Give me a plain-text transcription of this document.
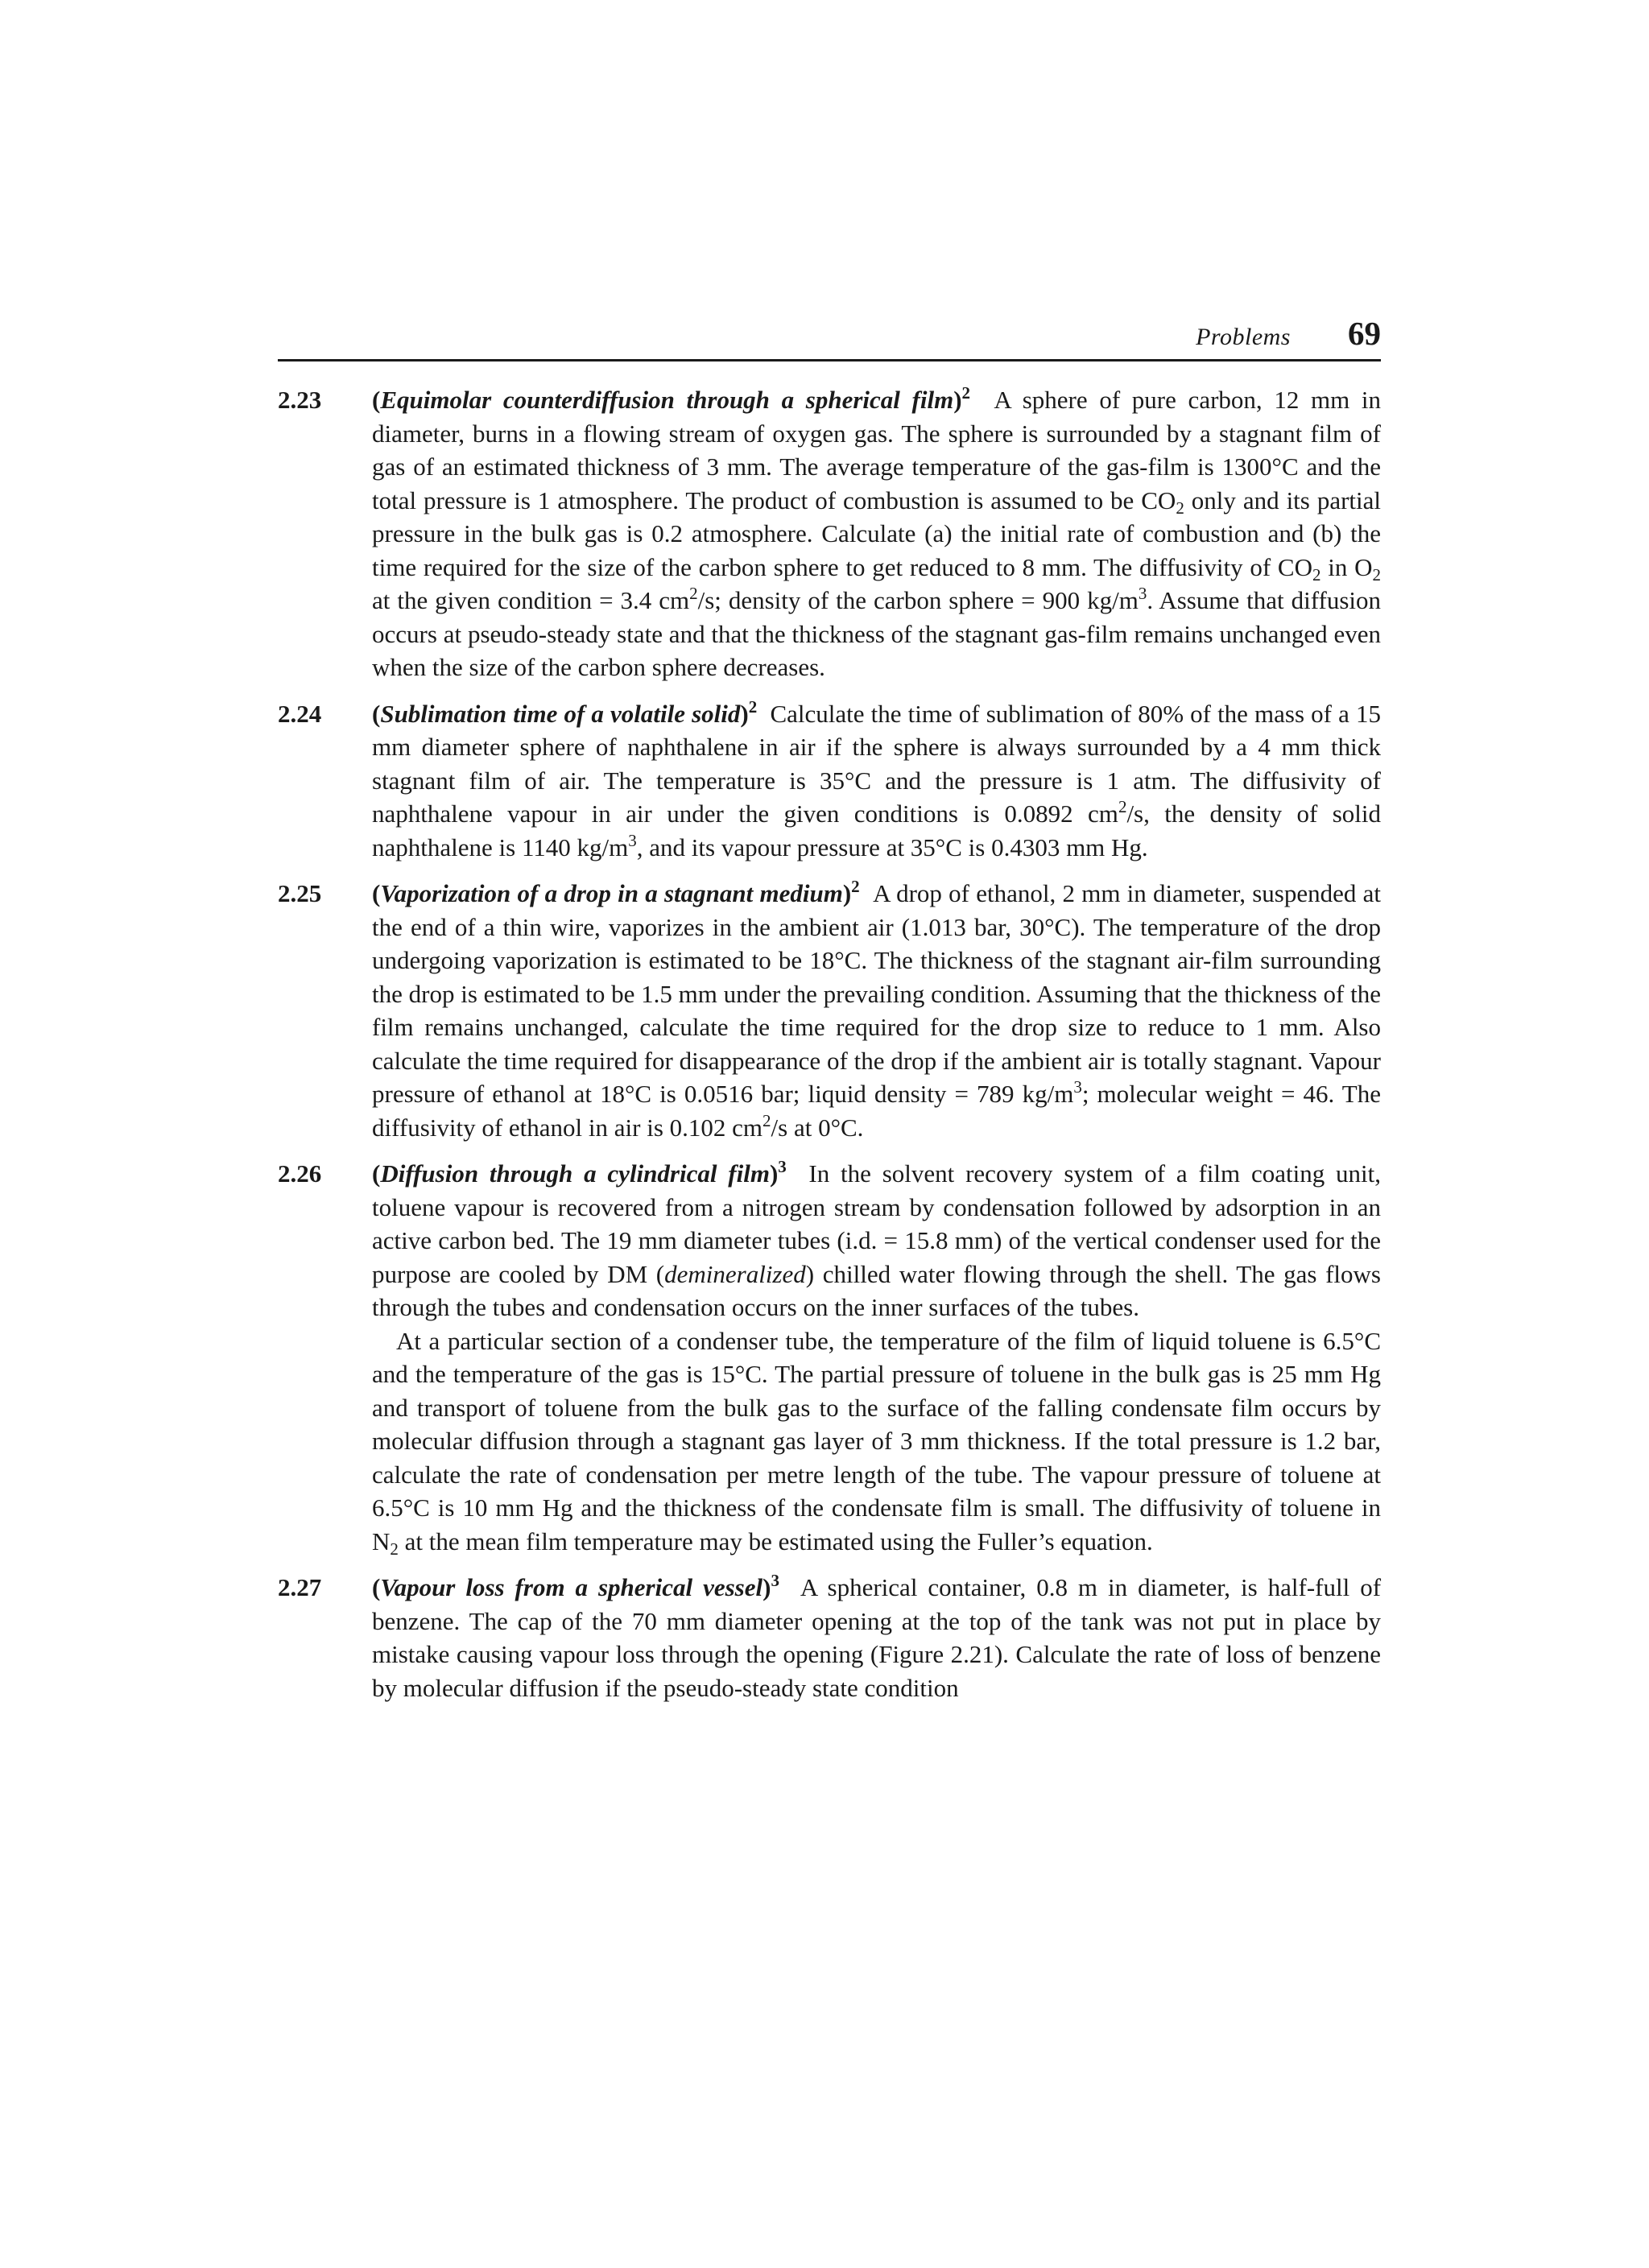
Problems 69
2.23 (Equimolar counterdiffusion through a spherical film)$^2$ A sphere of pure carbon, 12 mm in diameter, burns in a flowing stream of oxygen gas. The sphere is surrounded by a stagnant film of gas of an estimated thickness of 3 mm. The average temperature of the gas-film is 1300°C and the total pressure is 1 atmosphere. The product of combustion is assumed to be $CO_2$ only and its partial pressure in the bulk gas is 0.2 atmosphere. Calculate (a) the initial rate of combustion and (b) the time required for the size of the carbon sphere to get reduced to 8 mm. The diffusivity of $CO_2$ in $O_2$ at the given condition = 3.4 $cm^2/s$; density of the carbon sphere = 900 $kg/m^3$. Assume that diffusion occurs at pseudo-steady state and that the thickness of the stagnant gas-film remains unchanged even when the size of the carbon sphere decreases.

2.24 (Sublimation time of a volatile solid)$^2$ Calculate the time of sublimation of 80% of the mass of a 15 mm diameter sphere of naphthalene in air if the sphere is always surrounded by a 4 mm thick stagnant film of air. The temperature is 35°C and the pressure is 1 atm. The diffusivity of naphthalene vapour in air under the given conditions is 0.0892 $cm^2/s$, the density of solid naphthalene is 1140 $kg/m^3$, and its vapour pressure at 35°C is 0.4303 mm Hg.

2.25 (Vaporization of a drop in a stagnant medium)$^2$ A drop of ethanol, 2 mm in diameter, suspended at the end of a thin wire, vaporizes in the ambient air (1.013 bar, 30°C). The temperature of the drop undergoing vaporization is estimated to be 18°C. The thickness of the stagnant air-film surrounding the drop is estimated to be 1.5 mm under the prevailing condition. Assuming that the thickness of the film remains unchanged, calculate the time required for the drop size to reduce to 1 mm. Also calculate the time required for disappearance of the drop if the ambient air is totally stagnant. Vapour pressure of ethanol at 18°C is 0.0516 bar; liquid density = 789 $kg/m^3$; molecular weight = 46. The diffusivity of ethanol in air is 0.102 $cm^2/s$ at 0°C.

2.26 (Diffusion through a cylindrical film)$^3$ In the solvent recovery system of a film coating unit, toluene vapour is recovered from a nitrogen stream by condensation followed by adsorption in an active carbon bed. The 19 mm diameter tubes (i.d. = 15.8 mm) of the vertical condenser used for the purpose are cooled by DM (demineralized) chilled water flowing through the shell. The gas flows through the tubes and condensation occurs on the inner surfaces of the tubes.

At a particular section of a condenser tube, the temperature of the film of liquid toluene is 6.5°C and the temperature of the gas is 15°C. The partial pressure of toluene in the bulk gas is 25 mm Hg and transport of toluene from the bulk gas to the surface of the falling condensate film occurs by molecular diffusion through a stagnant gas layer of 3 mm thickness. If the total pressure is 1.2 bar, calculate the rate of condensation per metre length of the tube. The vapour pressure of toluene at 6.5°C is 10 mm Hg and the thickness of the condensate film is small. The diffusivity of toluene in $N_2$ at the mean film temperature may be estimated using the Fuller’s equation.

2.27 (Vapour loss from a spherical vessel)$^3$ A spherical container, 0.8 m in diameter, is half-full of benzene. The cap of the 70 mm diameter opening at the top of the tank was not put in place by mistake causing vapour loss through the opening (Figure 2.21). Calculate the rate of loss of benzene by molecular diffusion if the pseudo-steady state condition
